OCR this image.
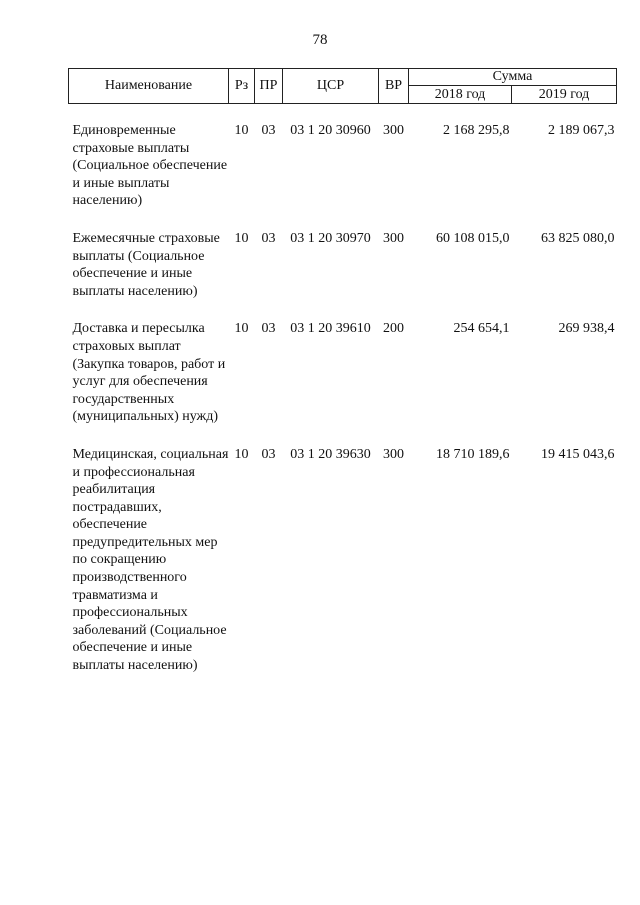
78
Наименование	Рз	ПР	ЦСР	ВР	Сумма	
					2018 год	2019 год

Единовременные страховые выплаты (Социальное обеспечение и иные выплаты населению)	10	03	03 1 20 30960	300	2 168 295,8	2 189 067,3
Ежемесячные страховые выплаты (Социальное обеспечение и иные выплаты населению)	10	03	03 1 20 30970	300	60 108 015,0	63 825 080,0
Доставка и пересылка страховых выплат (Закупка товаров, работ и услуг для обеспечения государственных (муниципальных) нужд)	10	03	03 1 20 39610	200	254 654,1	269 938,4
Медицинская, социальная и профессиональная реабилитация пострадавших, обеспечение предупредительных мер по сокращению производственного травматизма и профессиональных заболеваний (Социальное обеспечение и иные выплаты населению)	10	03	03 1 20 39630	300	18 710 189,6	19 415 043,6
